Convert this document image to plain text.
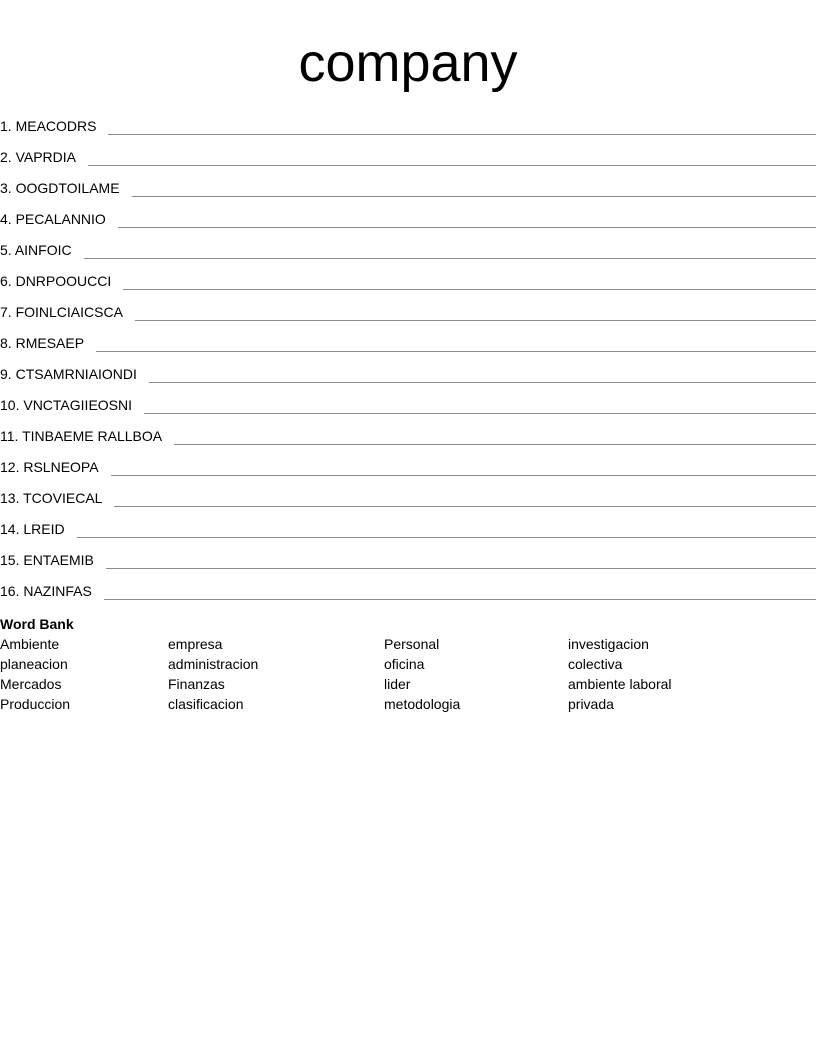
company
1. MEACODRS
2. VAPRDIA
3. OOGDTOILAME
4. PECALANNIO
5. AINFOIC
6. DNRPOOUCCI
7. FOINLCIAICSCA
8. RMESAEP
9. CTSAMRNIAIONDI
10. VNCTAGIIEOSNI
11. TINBAEME RALLBOA
12. RSLNEOPA
13. TCOVIECAL
14. LREID
15. ENTAEMIB
16. NAZINFAS
Word Bank
Ambiente	empresa	Personal	investigacion
planeacion	administracion	oficina	colectiva
Mercados	Finanzas	lider	ambiente laboral
Produccion	clasificacion	metodologia	privada
